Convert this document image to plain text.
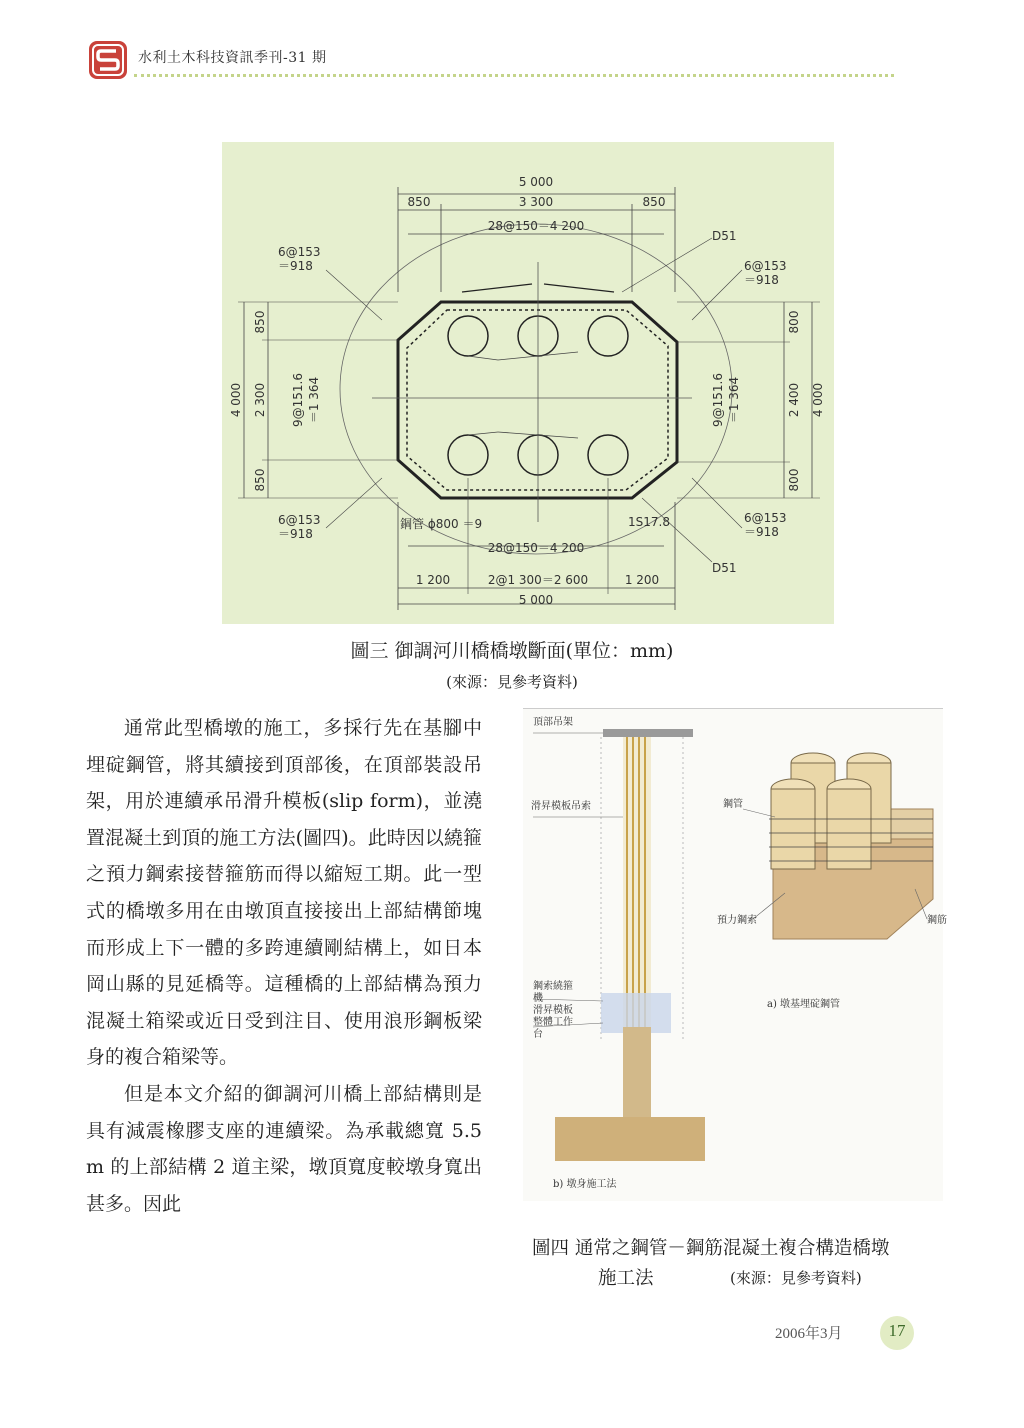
水利土木科技資訊季刊-31 期
5 000
850	3 300	850
28@150＝4 200
D51
6@153
＝918	6@153
＝918
850
2 300
850
4 000	9@151.6 ＝1 364
800
2 400
800
4 000
9@151.6 ＝1 364
6@153
＝918
6@153
＝918
鋼管 ϕ800 ＝9	1S17.8
28@150＝4 200
D51
1 200	2@1 300＝2 600	1 200
5 000
圖三 御調河川橋橋墩斷面(單位：mm)
(來源：見參考資料)

通常此型橋墩的施工，多採行先在基腳中埋碇鋼管，將其續接到頂部後，在頂部裝設吊架，用於連續承吊滑升模板(slip form)，並澆置混凝土到頂的施工方法(圖四)。此時因以繞箍之預力鋼索接替箍筋而得以縮短工期。此一型式的橋墩多用在由墩頂直接接出上部結構節塊而形成上下一體的多跨連續剛結構上，如日本岡山縣的見延橋等。這種橋的上部結構為預力混凝土箱梁或近日受到注目、使用浪形鋼板梁身的複合箱梁等。

但是本文介紹的御調河川橋上部結構則是具有減震橡膠支座的連續梁。為承載總寬 5.5 m 的上部結構 2 道主梁，墩頂寬度較墩身寬出甚多。因此

頂部吊架
滑昇模板吊索
鋼索繞箍
機
滑昇模板
整體工作
台
b) 墩身施工法
鋼管
預力鋼索	鋼筋
a) 墩基埋碇鋼管
圖四 通常之鋼管－鋼筋混凝土複合構造橋墩
施工法	(來源：見參考資料)
2006年3月	17
